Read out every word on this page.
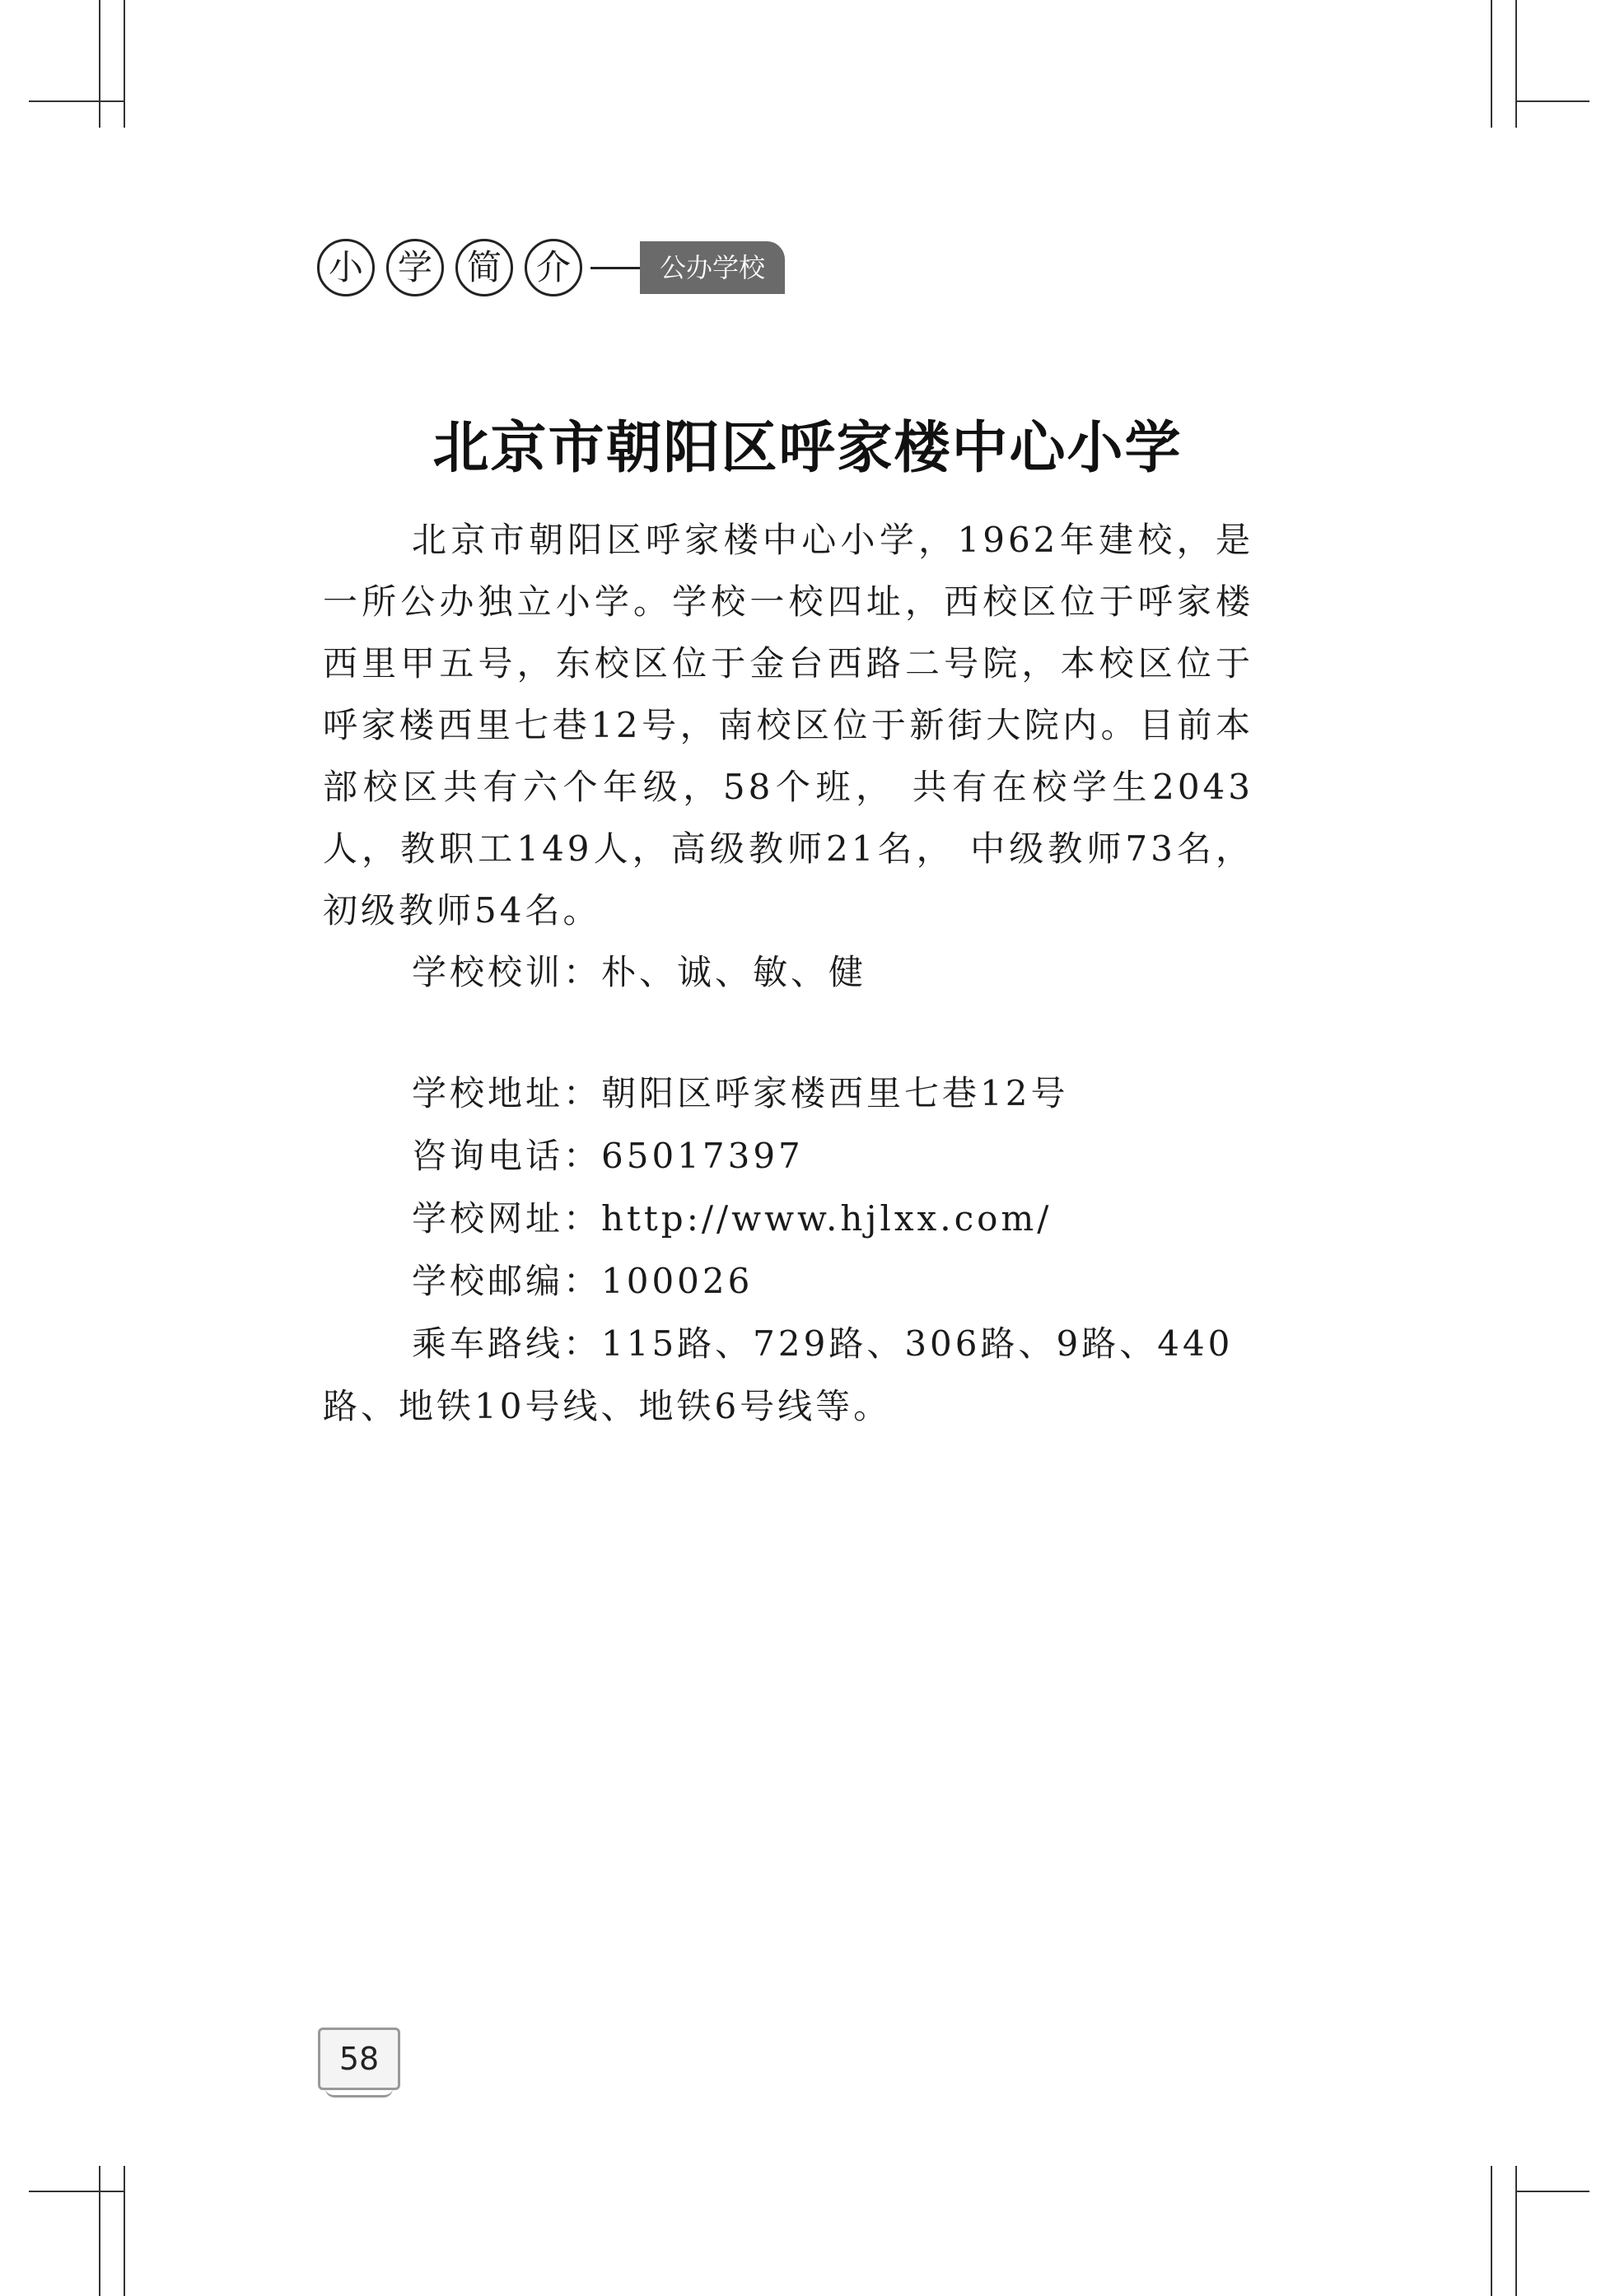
小 学 简 介	公办学校
北京市朝阳区呼家楼中心小学

北京市朝阳区呼家楼中心小学，1962年建校，是一所公办独立小学。学校一校四址，西校区位于呼家楼西里甲五号，东校区位于金台西路二号院，本校区位于呼家楼西里七巷12号，南校区位于新街大院内。目前本部校区共有六个年级，58个班， 共有在校学生2043人，教职工149人，高级教师21名， 中级教师73名，初级教师54名。

学校校训：朴、诚、敏、健

学校地址：朝阳区呼家楼西里七巷12号

咨询电话：65017397

学校网址：http://www.hjlxx.com/

学校邮编：100026

乘车路线：115路、729路、306路、9路、440路、地铁10号线、地铁6号线等。

58
